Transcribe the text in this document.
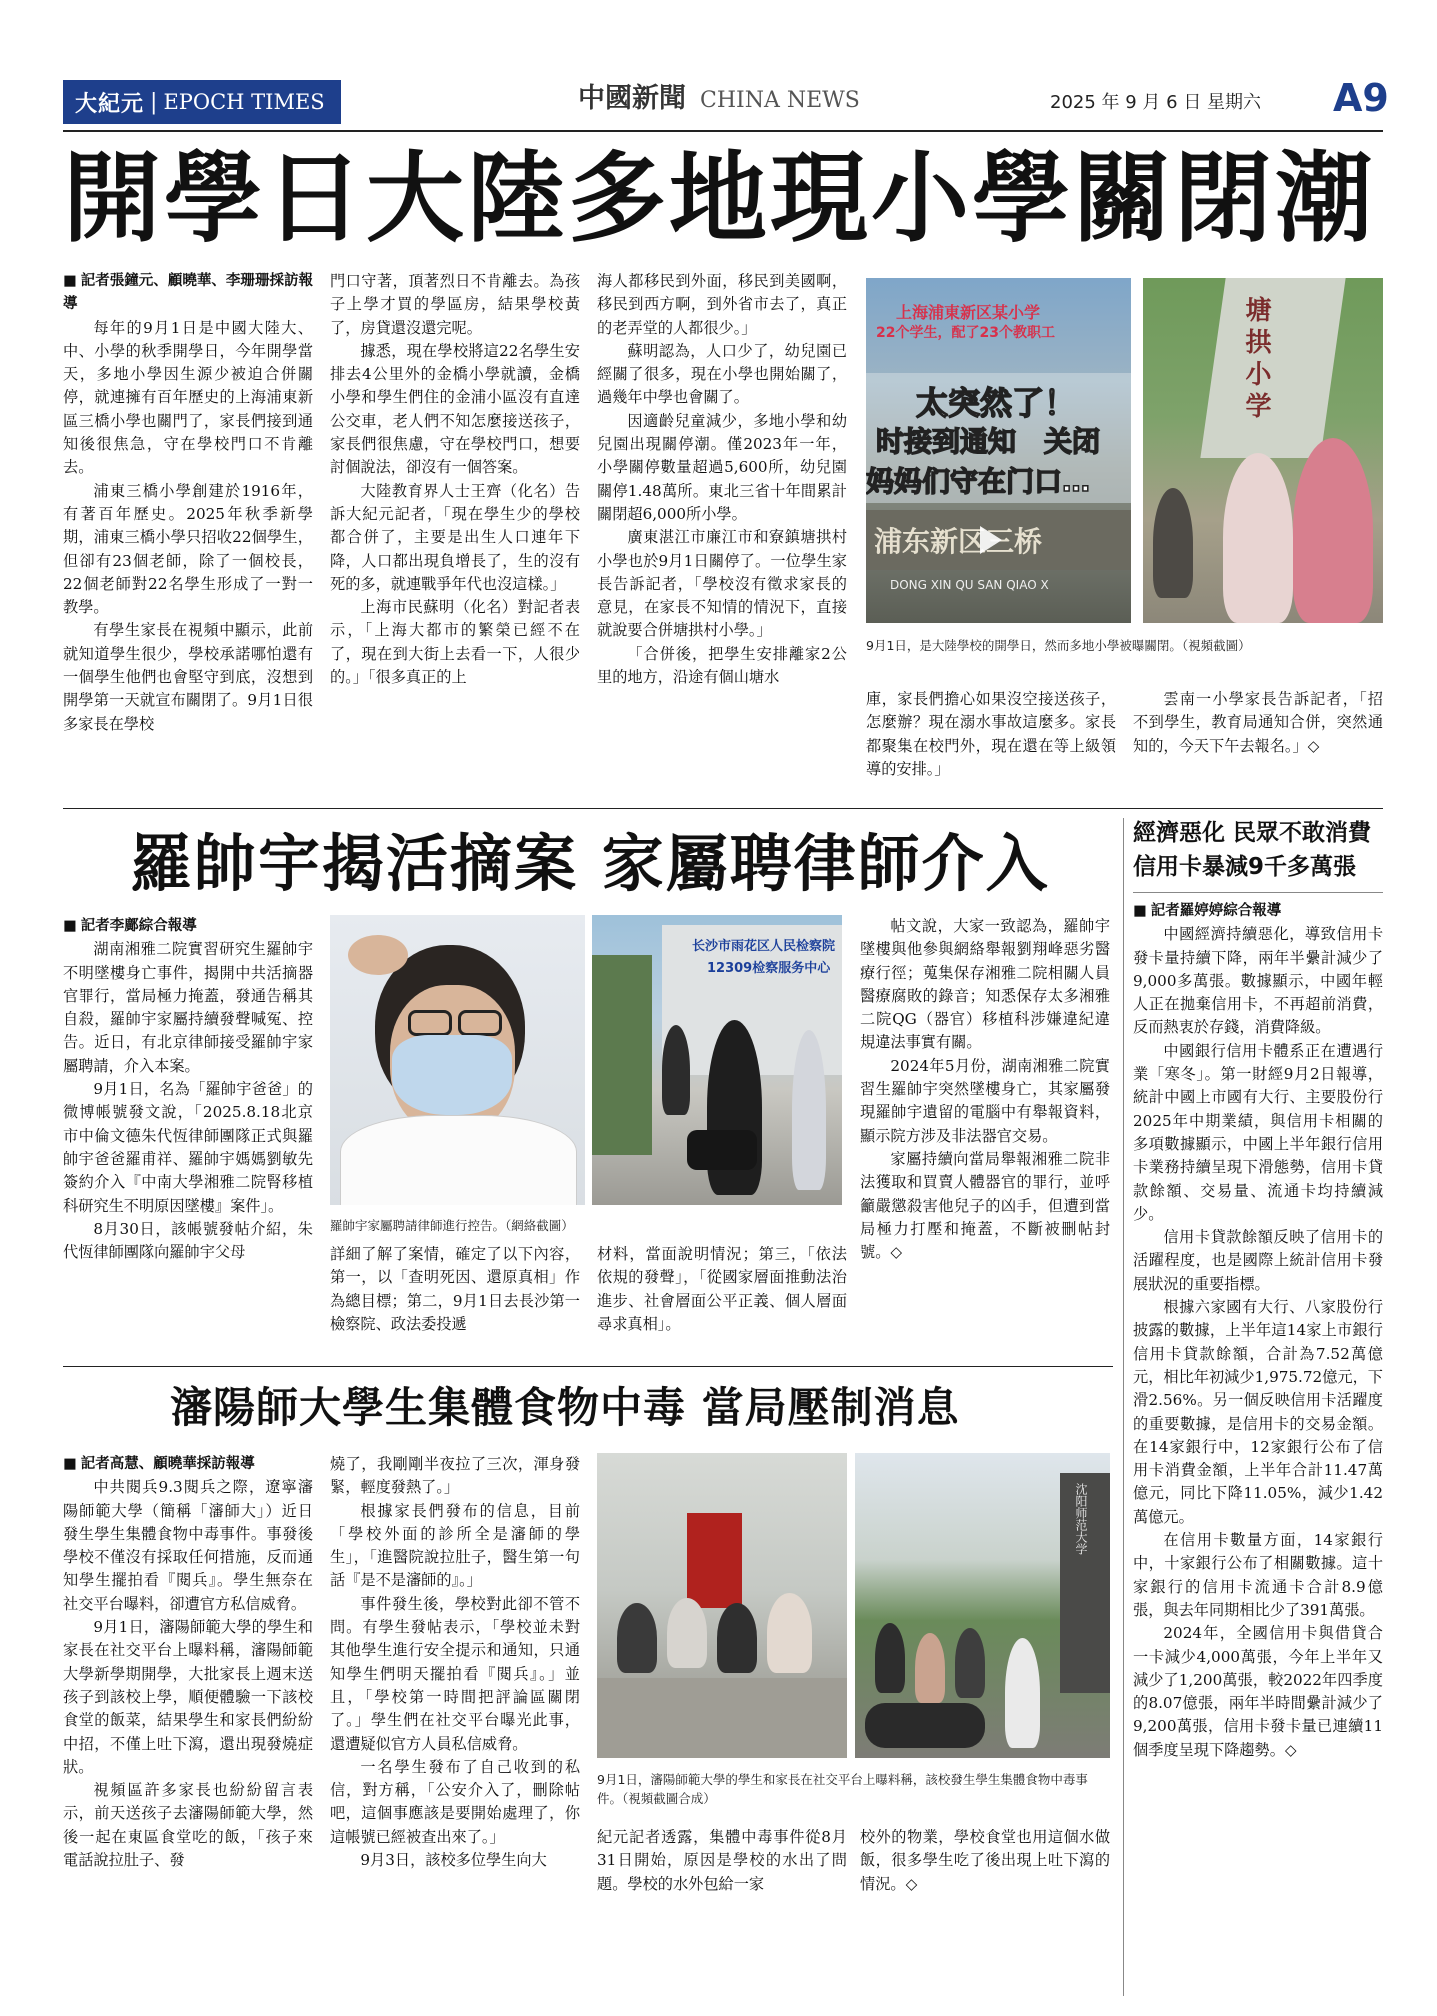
大紀元 | EPOCH TIMES	中國新聞 CHINA NEWS	2025 年 9 月 6 日 星期六 A9
開學日大陸多地現小學關閉潮

■ 記者張鐘元、顧曉華、李珊珊採訪報導

每年的9月1日是中國大陸大、中、小學的秋季開學日，今年開學當天，多地小學因生源少被迫合併關停，就連擁有百年歷史的上海浦東新區三橋小學也關門了，家長們接到通知後很焦急，守在學校門口不肯離去。

浦東三橋小學創建於1916年，有著百年歷史。2025年秋季新學期，浦東三橋小學只招收22個學生，但卻有23個老師，除了一個校長，22個老師對22名學生形成了一對一教學。

有學生家長在視頻中顯示，此前就知道學生很少，學校承諾哪怕還有一個學生他們也會堅守到底，沒想到開學第一天就宣布關閉了。9月1日很多家長在學校

門口守著，頂著烈日不肯離去。為孩子上學才買的學區房，結果學校黃了，房貸還沒還完呢。

據悉，現在學校將這22名學生安排去4公里外的金橋小學就讀，金橋小學和學生們住的金浦小區沒有直達公交車，老人們不知怎麼接送孩子，家長們很焦慮，守在學校門口，想要討個說法，卻沒有一個答案。

大陸教育界人士王齊（化名）告訴大紀元記者，「現在學生少的學校都合併了，主要是出生人口連年下降，人口都出現負增長了，生的沒有死的多，就連戰爭年代也沒這樣。」

上海市民蘇明（化名）對記者表示，「上海大都市的繁榮已經不在了，現在到大街上去看一下，人很少的。」「很多真正的上

海人都移民到外面，移民到美國啊，移民到西方啊，到外省市去了，真正的老弄堂的人都很少。」

蘇明認為，人口少了，幼兒園已經關了很多，現在小學也開始關了，過幾年中學也會關了。

因適齡兒童減少，多地小學和幼兒園出現關停潮。僅2023年一年，小學關停數量超過5,600所，幼兒園關停1.48萬所。東北三省十年間累計關閉超6,000所小學。

廣東湛江市廉江市和寮鎮塘拱村小學也於9月1日關停了。一位學生家長告訴記者，「學校沒有徵求家長的意見，在家長不知情的情況下，直接就說要合併塘拱村小學。」

「合併後，把學生安排離家2公里的地方，沿途有個山塘水

上海浦東新区某小学
22个学生，配了23个教职工
太突然了！
时接到通知　关闭
妈妈们守在门口…
浦东新区三桥
DONG XIN QU SAN QIAO X
塘拱小学
9月1日，是大陸學校的開學日，然而多地小學被曝關閉。（視頻截圖）

庫，家長們擔心如果沒空接送孩子，怎麼辦？現在溺水事故這麼多。家長都聚集在校門外，現在還在等上級領導的安排。」

雲南一小學家長告訴記者，「招不到學生，教育局通知合併，突然通知的，今天下午去報名。」◇

羅帥宇揭活摘案 家屬聘律師介入

■ 記者李鄺綜合報導

湖南湘雅二院實習研究生羅帥宇不明墜樓身亡事件，揭開中共活摘器官罪行，當局極力掩蓋，發通告稱其自殺，羅帥宇家屬持續發聲喊冤、控告。近日，有北京律師接受羅帥宇家屬聘請，介入本案。

9月1日，名為「羅帥宇爸爸」的微博帳號發文說，「2025.8.18北京市中倫文德朱代恆律師團隊正式與羅帥宇爸爸羅甫祥、羅帥宇媽媽劉敏先簽約介入『中南大學湘雅二院腎移植科研究生不明原因墜樓』案件」。

8月30日，該帳號發帖介紹，朱代恆律師團隊向羅帥宇父母

长沙市雨花区人民检察院
12309检察服务中心
羅帥宇家屬聘請律師進行控告。（網絡截圖）

詳細了解了案情，確定了以下內容，第一，以「查明死因、還原真相」作為總目標；第二，9月1日去長沙第一檢察院、政法委投遞

材料，當面說明情況；第三，「依法依規的發聲」，「從國家層面推動法治進步、社會層面公平正義、個人層面尋求真相」。

帖文說，大家一致認為，羅帥宇墜樓與他參與網絡舉報劉翔峰惡劣醫療行徑；蒐集保存湘雅二院相關人員醫療腐敗的錄音；知悉保存太多湘雅二院QG（器官）移植科涉嫌違紀違規違法事實有關。

2024年5月份，湖南湘雅二院實習生羅帥宇突然墜樓身亡，其家屬發現羅帥宇遺留的電腦中有舉報資料，顯示院方涉及非法器官交易。

家屬持續向當局舉報湘雅二院非法獲取和買賣人體器官的罪行，並呼籲嚴懲殺害他兒子的凶手，但遭到當局極力打壓和掩蓋，不斷被刪帖封號。◇

瀋陽師大學生集體食物中毒 當局壓制消息

■ 記者高慧、顧曉華採訪報導

中共閱兵9.3閱兵之際，遼寧瀋陽師範大學（簡稱「瀋師大」）近日發生學生集體食物中毒事件。事發後學校不僅沒有採取任何措施，反而通知學生擺拍看『閱兵』。學生無奈在社交平台曝料，卻遭官方私信威脅。

9月1日，瀋陽師範大學的學生和家長在社交平台上曝料稱，瀋陽師範大學新學期開學，大批家長上週末送孩子到該校上學，順便體驗一下該校食堂的飯菜，結果學生和家長們紛紛中招，不僅上吐下瀉，還出現發燒症狀。

視頻區許多家長也紛紛留言表示，前天送孩子去瀋陽師範大學，然後一起在東區食堂吃的飯，「孩子來電話說拉肚子、發

燒了，我剛剛半夜拉了三次，渾身發緊，輕度發熱了。」

根據家長們發布的信息，目前「學校外面的診所全是瀋師的學生」，「進醫院說拉肚子，醫生第一句話『是不是瀋師的』。」

事件發生後，學校對此卻不管不問。有學生發帖表示，「學校並未對其他學生進行安全提示和通知，只通知學生們明天擺拍看『閱兵』。」並且，「學校第一時間把評論區關閉了。」學生們在社交平台曝光此事，還遭疑似官方人員私信威脅。

一名學生發布了自己收到的私信，對方稱，「公安介入了，刪除帖吧，這個事應該是要開始處理了，你這帳號已經被查出來了。」

9月3日，該校多位學生向大

沈阳师范大学
9月1日，瀋陽師範大學的學生和家長在社交平台上曝料稱，該校發生學生集體食物中毒事件。（視頻截圖合成）

紀元記者透露，集體中毒事件從8月31日開始，原因是學校的水出了問題。學校的水外包給一家

校外的物業，學校食堂也用這個水做飯，很多學生吃了後出現上吐下瀉的情況。◇

經濟惡化 民眾不敢消費
信用卡暴減9千多萬張

■ 記者羅婷婷綜合報導

中國經濟持續惡化，導致信用卡發卡量持續下降，兩年半纍計減少了9,000多萬張。數據顯示，中國年輕人正在拋棄信用卡，不再超前消費，反而熱衷於存錢，消費降級。

中國銀行信用卡體系正在遭遇行業「寒冬」。第一財經9月2日報導，統計中國上市國有大行、主要股份行2025年中期業績，與信用卡相關的多項數據顯示，中國上半年銀行信用卡業務持續呈現下滑態勢，信用卡貸款餘額、交易量、流通卡均持續減少。

信用卡貸款餘額反映了信用卡的活躍程度，也是國際上統計信用卡發展狀況的重要指標。

根據六家國有大行、八家股份行披露的數據，上半年這14家上市銀行信用卡貸款餘額，合計為7.52萬億元，相比年初減少1,975.72億元，下滑2.56%。另一個反映信用卡活躍度的重要數據，是信用卡的交易金額。在14家銀行中，12家銀行公布了信用卡消費金額，上半年合計11.47萬億元，同比下降11.05%，減少1.42萬億元。

在信用卡數量方面，14家銀行中，十家銀行公布了相關數據。這十家銀行的信用卡流通卡合計8.9億張，與去年同期相比少了391萬張。

2024年，全國信用卡與借貸合一卡減少4,000萬張，今年上半年又減少了1,200萬張，較2022年四季度的8.07億張，兩年半時間纍計減少了9,200萬張，信用卡發卡量已連續11個季度呈現下降趨勢。◇
